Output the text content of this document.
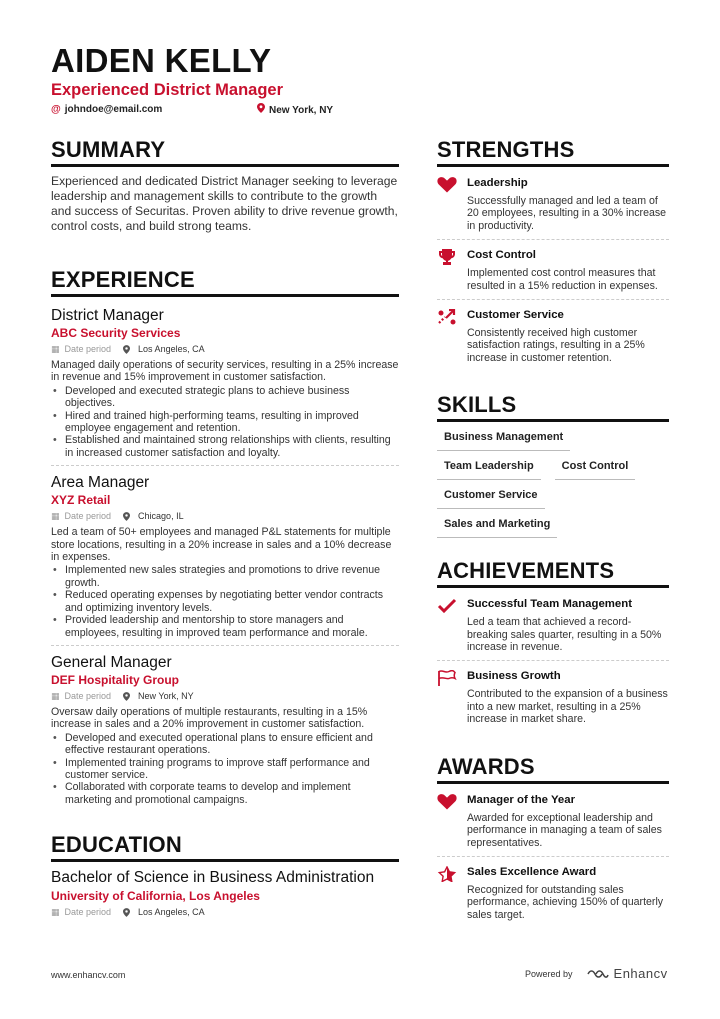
AIDEN KELLY
Experienced District Manager
@ johndoe@email.com	New York, NY
SUMMARY
Experienced and dedicated District Manager seeking to leverage leadership and management skills to contribute to the growth and success of Securitas. Proven ability to drive revenue growth, control costs, and build strong teams.
EXPERIENCE
District Manager
ABC Security Services
▦ Date period	Los Angeles, CA
Managed daily operations of security services, resulting in a 25% increase in revenue and 15% improvement in customer satisfaction.
• Developed and executed strategic plans to achieve business objectives.
• Hired and trained high-performing teams, resulting in improved employee engagement and retention.
• Established and maintained strong relationships with clients, resulting in increased customer satisfaction and loyalty.
Area Manager
XYZ Retail
▦ Date period	Chicago, IL
Led a team of 50+ employees and managed P&L statements for multiple store locations, resulting in a 20% increase in sales and a 10% decrease in expenses.
• Implemented new sales strategies and promotions to drive revenue growth.
• Reduced operating expenses by negotiating better vendor contracts and optimizing inventory levels.
• Provided leadership and mentorship to store managers and employees, resulting in improved team performance and morale.
General Manager
DEF Hospitality Group
▦ Date period	New York, NY
Oversaw daily operations of multiple restaurants, resulting in a 15% increase in sales and a 20% improvement in customer satisfaction.
• Developed and executed operational plans to ensure efficient and effective restaurant operations.
• Implemented training programs to improve staff performance and customer service.
• Collaborated with corporate teams to develop and implement marketing and promotional campaigns.
EDUCATION
Bachelor of Science in Business Administration
University of California, Los Angeles
▦ Date period	Los Angeles, CA
STRENGTHS
Leadership
Successfully managed and led a team of 20 employees, resulting in a 30% increase in productivity.
Cost Control
Implemented cost control measures that resulted in a 15% reduction in expenses.
Customer Service
Consistently received high customer satisfaction ratings, resulting in a 25% increase in customer retention.
SKILLS
Business Management
Team Leadership	Cost Control
Customer Service
Sales and Marketing
ACHIEVEMENTS
Successful Team Management
Led a team that achieved a record-breaking sales quarter, resulting in a 50% increase in revenue.
Business Growth
Contributed to the expansion of a business into a new market, resulting in a 25% increase in market share.
AWARDS
Manager of the Year
Awarded for exceptional leadership and performance in managing a team of sales representatives.
Sales Excellence Award
Recognized for outstanding sales performance, achieving 150% of quarterly sales target.
www.enhancv.com	Powered by	Enhancv
